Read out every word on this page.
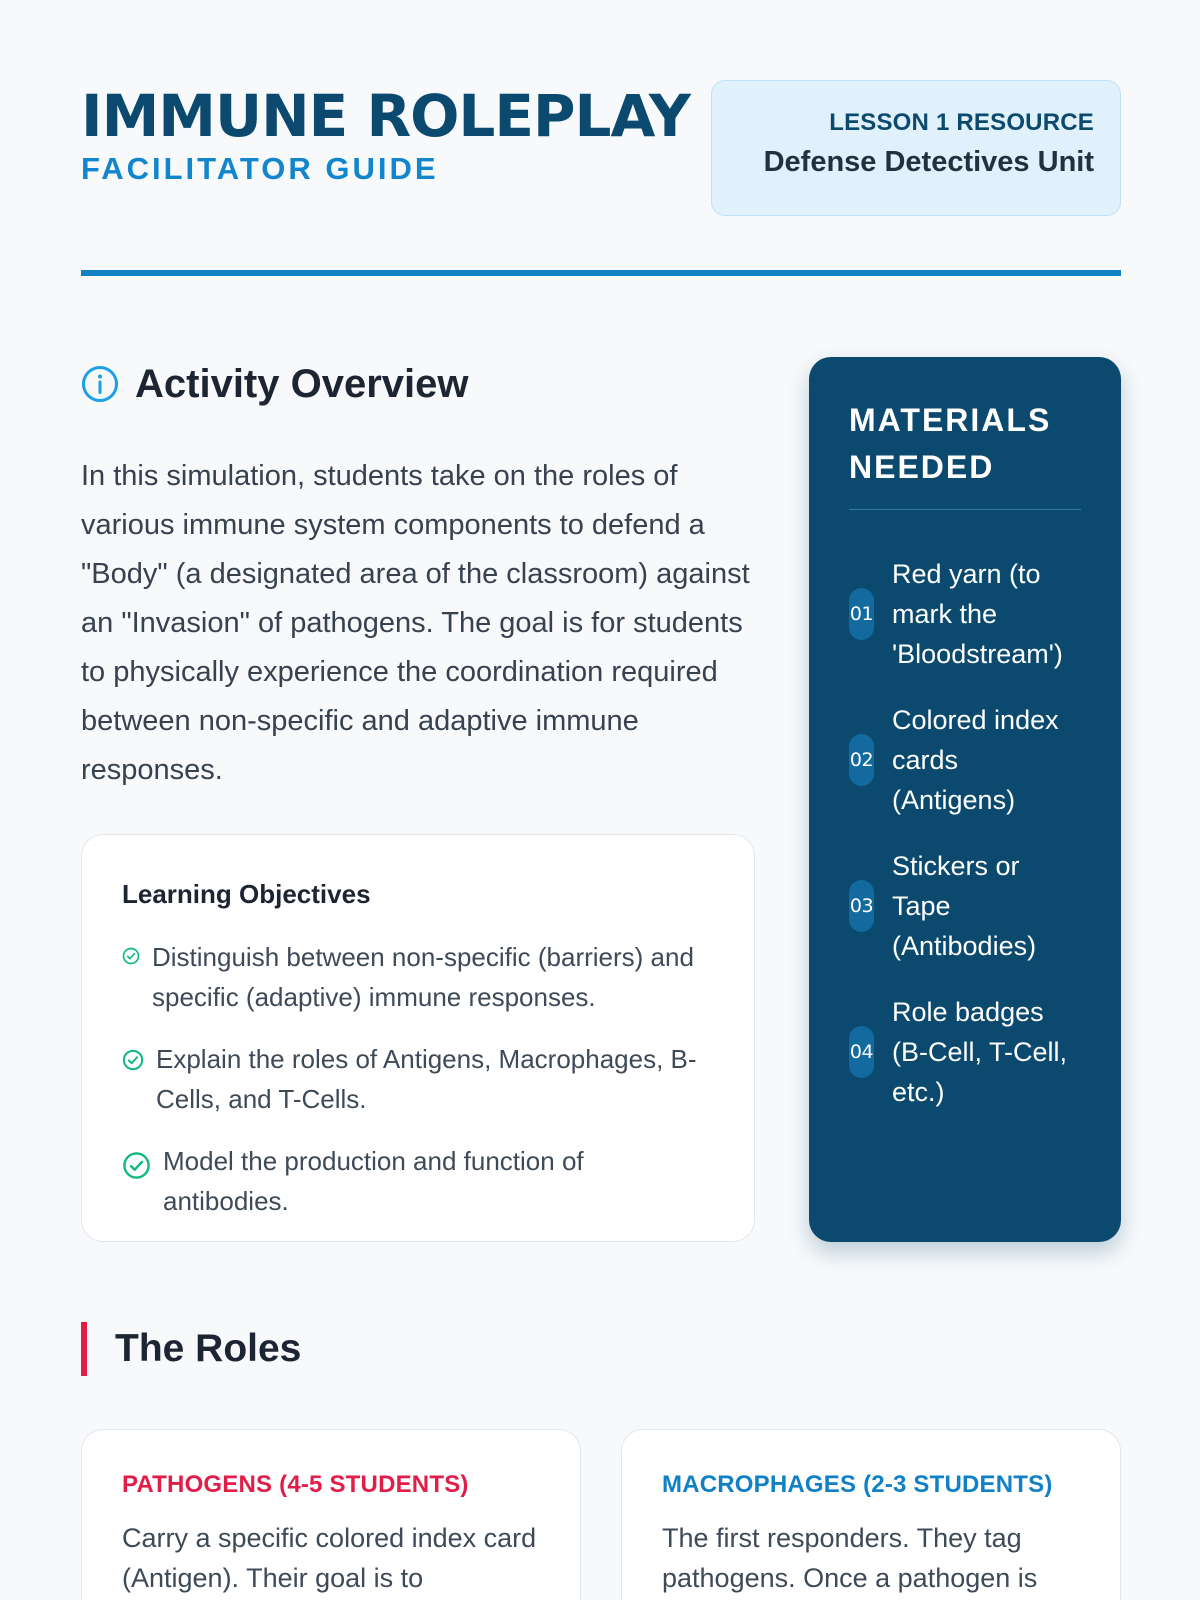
IMMUNE ROLEPLAY
FACILITATOR GUIDE
LESSON 1 RESOURCE
Defense Detectives Unit
Activity Overview

In this simulation, students take on the roles of various immune system components to defend a "Body" (a designated area of the classroom) against an "Invasion" of pathogens. The goal is for students to physically experience the coordination required between non-specific and adaptive immune responses.

Learning Objectives
Distinguish between non-specific (barriers) and specific (adaptive) immune responses.
Explain the roles of Antigens, Macrophages, B-Cells, and T-Cells.
Model the production and function of antibodies.
MATERIALS NEEDED
01
Red yarn (to mark the 'Bloodstream')
02
Colored index cards (Antigens)
03
Stickers or Tape (Antibodies)
04
Role badges (B-Cell, T-Cell, etc.)
The Roles
PATHOGENS (4-5 STUDENTS)
Carry a specific colored index card (Antigen). Their goal is to
MACROPHAGES (2-3 STUDENTS)
The first responders. They tag pathogens. Once a pathogen is
